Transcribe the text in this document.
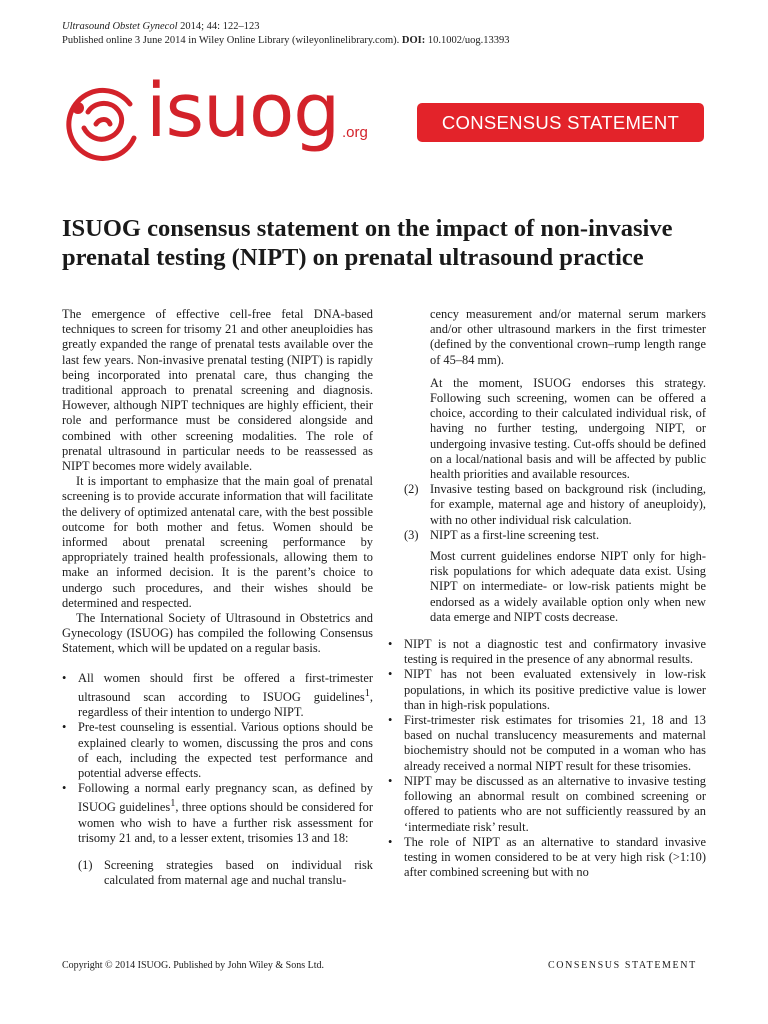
Ultrasound Obstet Gynecol 2014; 44: 122–123
Published online 3 June 2014 in Wiley Online Library (wileyonlinelibrary.com). DOI: 10.1002/uog.13393
isuog .org	CONSENSUS STATEMENT
ISUOG consensus statement on the impact of non-invasive prenatal testing (NIPT) on prenatal ultrasound practice

The emergence of effective cell-free fetal DNA-based techniques to screen for trisomy 21 and other aneuploidies has greatly expanded the range of prenatal tests available over the last few years. Non-invasive prenatal testing (NIPT) is rapidly being incorporated into prenatal care, thus changing the traditional approach to prenatal screening and diagnosis. However, although NIPT techniques are highly efficient, their role and performance must be considered alongside and combined with other screening modalities. The role of prenatal ultrasound in particular needs to be reassessed as NIPT becomes more widely available.

It is important to emphasize that the main goal of prenatal screening is to provide accurate information that will facilitate the delivery of optimized antenatal care, with the best possible outcome for both mother and fetus. Women should be informed about prenatal screening performance by appropriately trained health professionals, allowing them to make an informed decision. It is the parent’s choice to undergo such procedures, and their wishes should be determined and respected.

The International Society of Ultrasound in Obstetrics and Gynecology (ISUOG) has compiled the following Consensus Statement, which will be updated on a regular basis.

• All women should first be offered a first-trimester ultrasound scan according to ISUOG guidelines$^1$, regardless of their intention to undergo NIPT.

• Pre-test counseling is essential. Various options should be explained clearly to women, discussing the pros and cons of each, including the expected test performance and potential adverse effects.

• Following a normal early pregnancy scan, as defined by ISUOG guidelines$^1$, three options should be considered for women who wish to have a further risk assessment for trisomy 21 and, to a lesser extent, trisomies 13 and 18:

(1) Screening strategies based on individual risk calculated from maternal age and nuchal translu-

cency measurement and/or maternal serum markers and/or other ultrasound markers in the first trimester (defined by the conventional crown–rump length range of 45–84 mm).

At the moment, ISUOG endorses this strategy. Following such screening, women can be offered a choice, according to their calculated individual risk, of having no further testing, undergoing NIPT, or undergoing invasive testing. Cut-offs should be defined on a local/national basis and will be affected by public health priorities and available resources.

(2) Invasive testing based on background risk (including, for example, maternal age and history of aneuploidy), with no other individual risk calculation.

(3) NIPT as a first-line screening test.

Most current guidelines endorse NIPT only for high-risk populations for which adequate data exist. Using NIPT on intermediate- or low-risk patients might be endorsed as a widely available option only when new data emerge and NIPT costs decrease.

• NIPT is not a diagnostic test and confirmatory invasive testing is required in the presence of any abnormal results.

• NIPT has not been evaluated extensively in low-risk populations, in which its positive predictive value is lower than in high-risk populations.

• First-trimester risk estimates for trisomies 21, 18 and 13 based on nuchal translucency measurements and maternal biochemistry should not be computed in a woman who has already received a normal NIPT result for these trisomies.

• NIPT may be discussed as an alternative to invasive testing following an abnormal result on combined screening or offered to patients who are not sufficiently reassured by an ‘intermediate risk’ result.

• The role of NIPT as an alternative to standard invasive testing in women considered to be at very high risk (>1:10) after combined screening but with no

Copyright © 2014 ISUOG. Published by John Wiley & Sons Ltd.	CONSENSUS STATEMENT
